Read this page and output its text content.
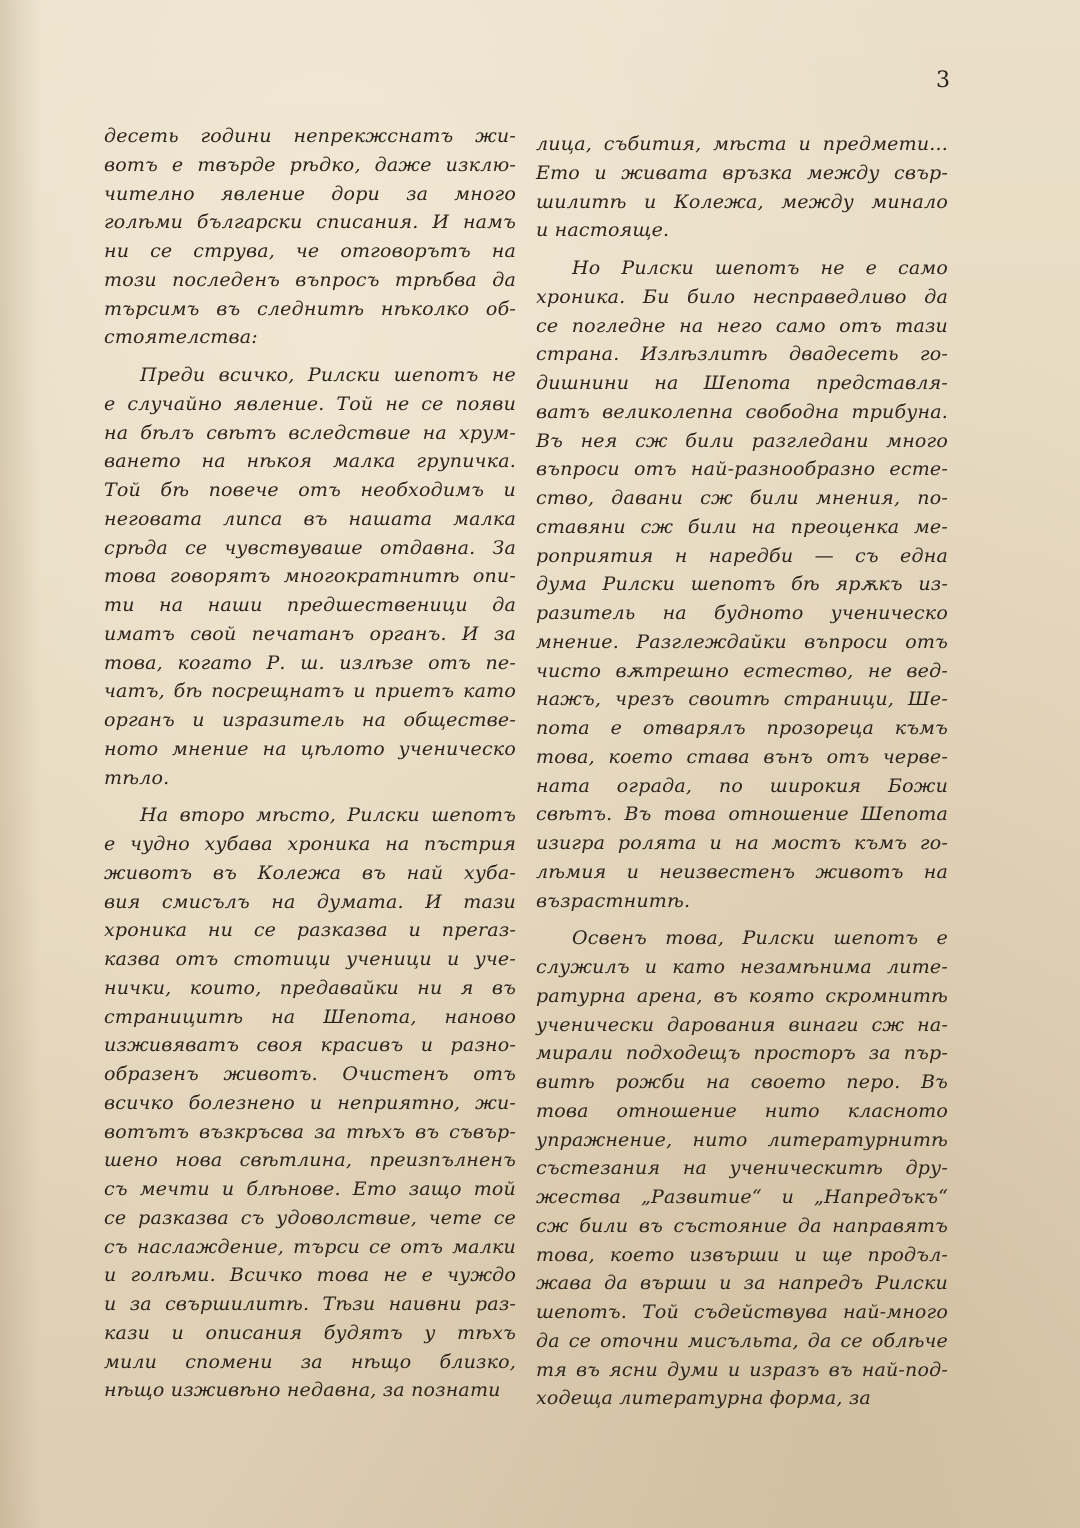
3

десеть години непрекжснатъ жи-
вотъ е твърде рѣдко, даже изклю-
чително явление дори за много
голѣми български списания. И намъ
ни се струва, че отговорътъ на
този последенъ въпросъ трѣбва да
търсимъ въ следнитѣ нѣколко об-
стоятелства:
Преди всичко, Рилски шепотъ не
е случайно явление. Той не се появи
на бѣлъ свѣтъ вследствие на хрум-
ването на нѣкоя малка групичка.
Той бѣ повече отъ необходимъ и
неговата липса въ нашата малка
срѣда се чувствуваше отдавна. За
това говорятъ многократнитѣ опи-
ти на наши предшественици да
иматъ свой печатанъ органъ. И за
това, когато Р. ш. излѣзе отъ пе-
чатъ, бѣ посрещнатъ и приетъ като
органъ и изразитель на обществе-
ното мнение на цѣлото ученическо
тѣло.
На второ мѣсто, Рилски шепотъ
е чудно хубава хроника на пъстрия
животъ въ Колежа въ най хуба-
вия смисълъ на думата. И тази
хроника ни се разказва и преraз-
казва отъ стотици ученици и уче-
нички, които, предавайки ни я въ
страницитѣ на Шепота, наново
изживяватъ своя красивъ и разно-
образенъ животъ. Очистенъ отъ
всичко болезнено и неприятно, жи-
вотътъ възкръсва за тѣхъ въ съвър-
шено нова свѣтлина, преизпълненъ
съ мечти и блѣнове. Ето защо той
се разказва съ удоволствие, чете се
съ наслаждение, търси се отъ малки
и голѣми. Всичко това не е чуждо
и за свършилитѣ. Тѣзи наивни раз-
кази и описания будятъ у тѣхъ
мили спомени за нѣщо близко,
нѣщо изживѣно недавна, за познати
лица, събития, мѣста и предмети...
Ето и живата връзка между свър-
шилитѣ и Колежа, между минало
и настояще.
Но Рилски шепотъ не е само
хроника. Би било несправедливо да
се погледне на него само отъ тази
страна. Излѣзлитѣ двадесеть го-
дишнини на Шепота представля-
ватъ великолепна свободна трибуна.
Въ нея сж били разгледани много
въпроси отъ най-разнообразно есте-
ство, давани сж били мнения, по-
ставяни сж били на преоценка ме-
роприятия н наредби — съ една
дума Рилски шепотъ бѣ ярѫкъ из-
разитель на будното ученическо
мнение. Разглеждайки въпроси отъ
чисто вѫтрешно естество, не вед-
нажъ, чрезъ своитѣ страници, Ше-
пота е отварялъ прозореца къмъ
това, което става вънъ отъ черве-
ната ограда, по широкия Божи
свѣтъ. Въ това отношение Шепота
изигра ролята и на мостъ къмъ го-
лѣмия и неизвестенъ животъ на
възрастнитѣ.
Освенъ това, Рилски шепотъ е
служилъ и като незамѣнима лите-
ратурна арена, въ която скромнитѣ
ученически дарования винаги сж на-
мирали подходещъ просторъ за пър-
витѣ рожби на своето перо. Въ
това отношение нито класното
упражнение, нито литературнитѣ
състезания на ученическитѣ дру-
жества „Развитие“ и „Напредъкъ“
сж били въ състояние да направятъ
това, което извърши и ще продъл-
жава да върши и за напредъ Рилски
шепотъ. Той съдействува най-много
да се оточни мисъльта, да се облѣче
тя въ ясни думи и изразъ въ най-под-
ходеща литературна форма, за
